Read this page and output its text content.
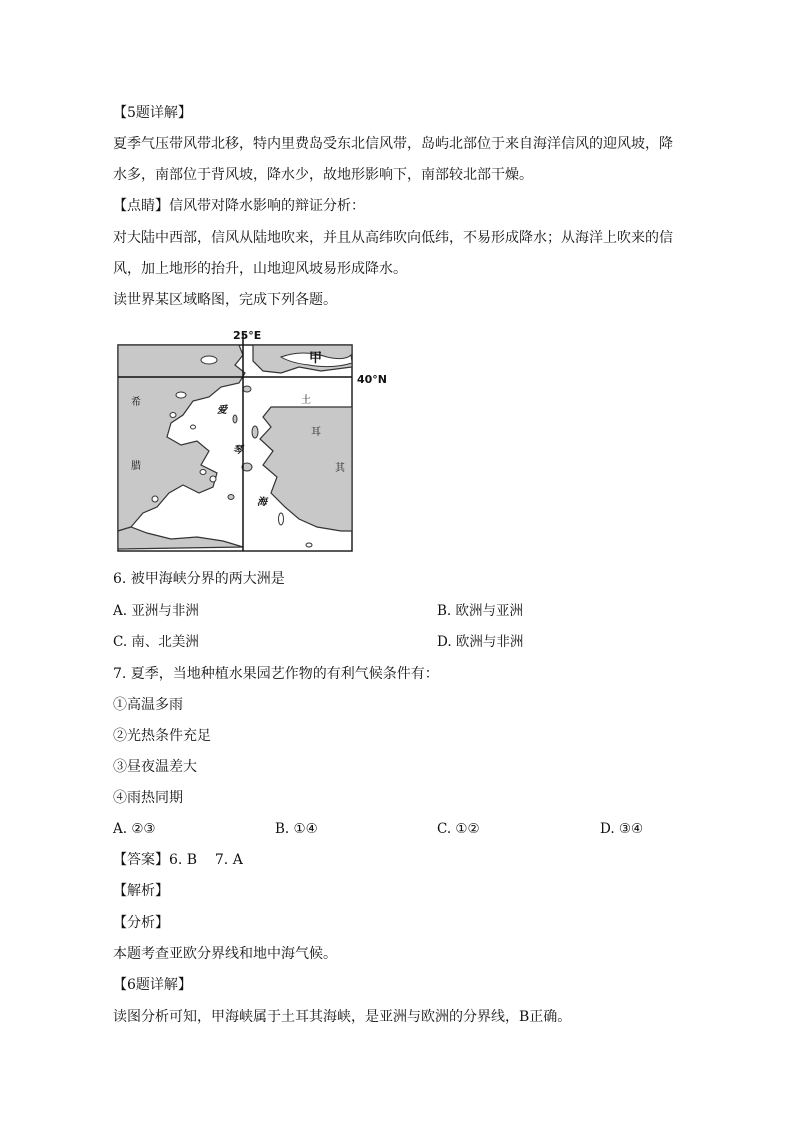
【5题详解】
夏季气压带风带北移，特内里费岛受东北信风带，岛屿北部位于来自海洋信风的迎风坡，降
水多，南部位于背风坡，降水少，故地形影响下，南部较北部干燥。
【点睛】信风带对降水影响的辩证分析：
对大陆中西部，信风从陆地吹来，并且从高纬吹向低纬，不易形成降水；从海洋上吹来的信
风，加上地形的抬升，山地迎风坡易形成降水。
读世界某区域略图，完成下列各题。
25°E
40°N
甲
希
腊
土
耳
其
爱
琴
海
6. 被甲海峡分界的两大洲是
A. 亚洲与非洲	B. 欧洲与亚洲
C. 南、北美洲	D. 欧洲与非洲
7. 夏季，当地种植水果园艺作物的有利气候条件有：
①高温多雨
②光热条件充足
③昼夜温差大
④雨热同期
A. ②③	B. ①④	C. ①②	D. ③④
【答案】6. B    7. A
【解析】
【分析】
本题考查亚欧分界线和地中海气候。
【6题详解】
读图分析可知，甲海峡属于土耳其海峡，是亚洲与欧洲的分界线，B正确。
